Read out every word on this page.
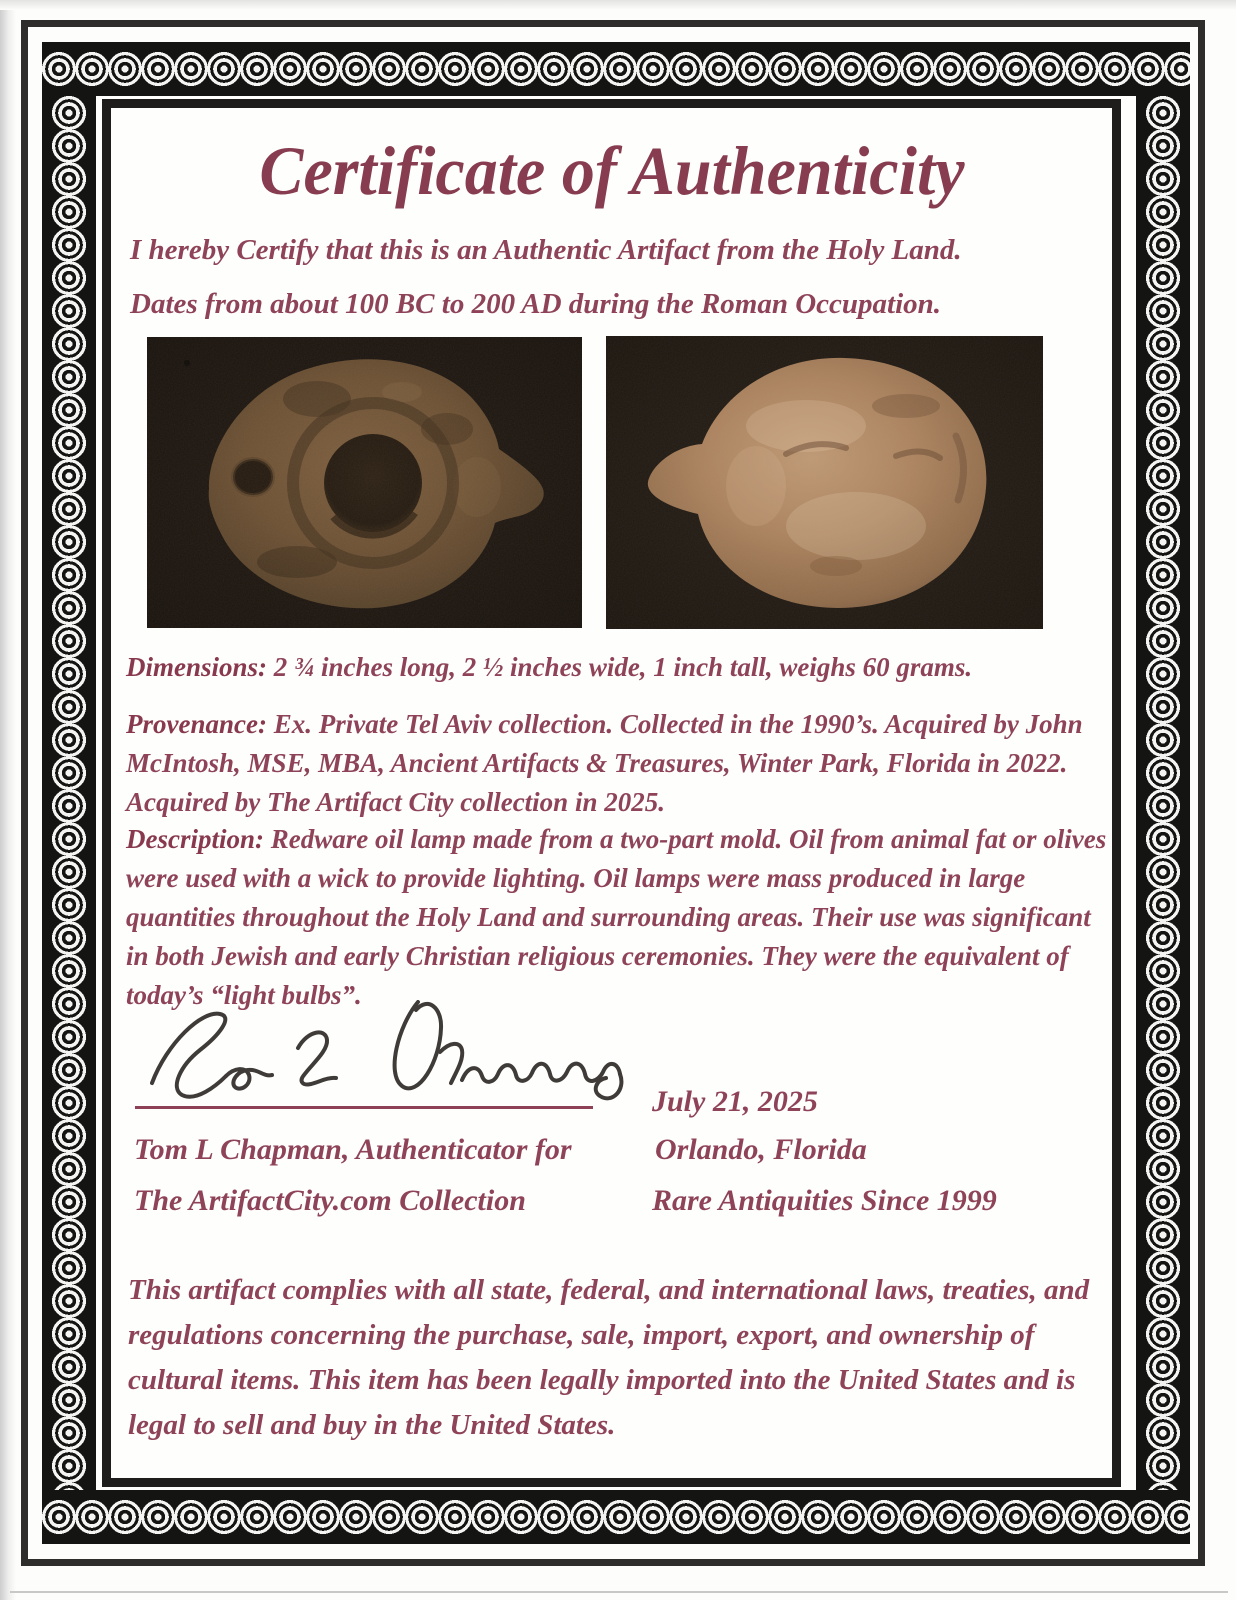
Certificate of Authenticity

I hereby Certify that this is an Authentic Artifact from the Holy Land.

Dates from about 100 BC to 200 AD during the Roman Occupation.

Dimensions: 2 ¾ inches long, 2 ½ inches wide, 1 inch tall, weighs 60 grams.

Provenance: Ex. Private Tel Aviv collection. Collected in the 1990’s. Acquired by John McIntosh, MSE, MBA, Ancient Artifacts & Treasures, Winter Park, Florida in 2022. Acquired by The Artifact City collection in 2025.

Description: Redware oil lamp made from a two-part mold. Oil from animal fat or olives were used with a wick to provide lighting. Oil lamps were mass produced in large quantities throughout the Holy Land and surrounding areas. Their use was significant in both Jewish and early Christian religious ceremonies. They were the equivalent of today’s “light bulbs”.

July 21, 2025

Tom L Chapman, Authenticator for	Orlando, Florida

The ArtifactCity.com Collection	Rare Antiquities Since 1999

This artifact complies with all state, federal, and international laws, treaties, and regulations concerning the purchase, sale, import, export, and ownership of cultural items. This item has been legally imported into the United States and is legal to sell and buy in the United States.
